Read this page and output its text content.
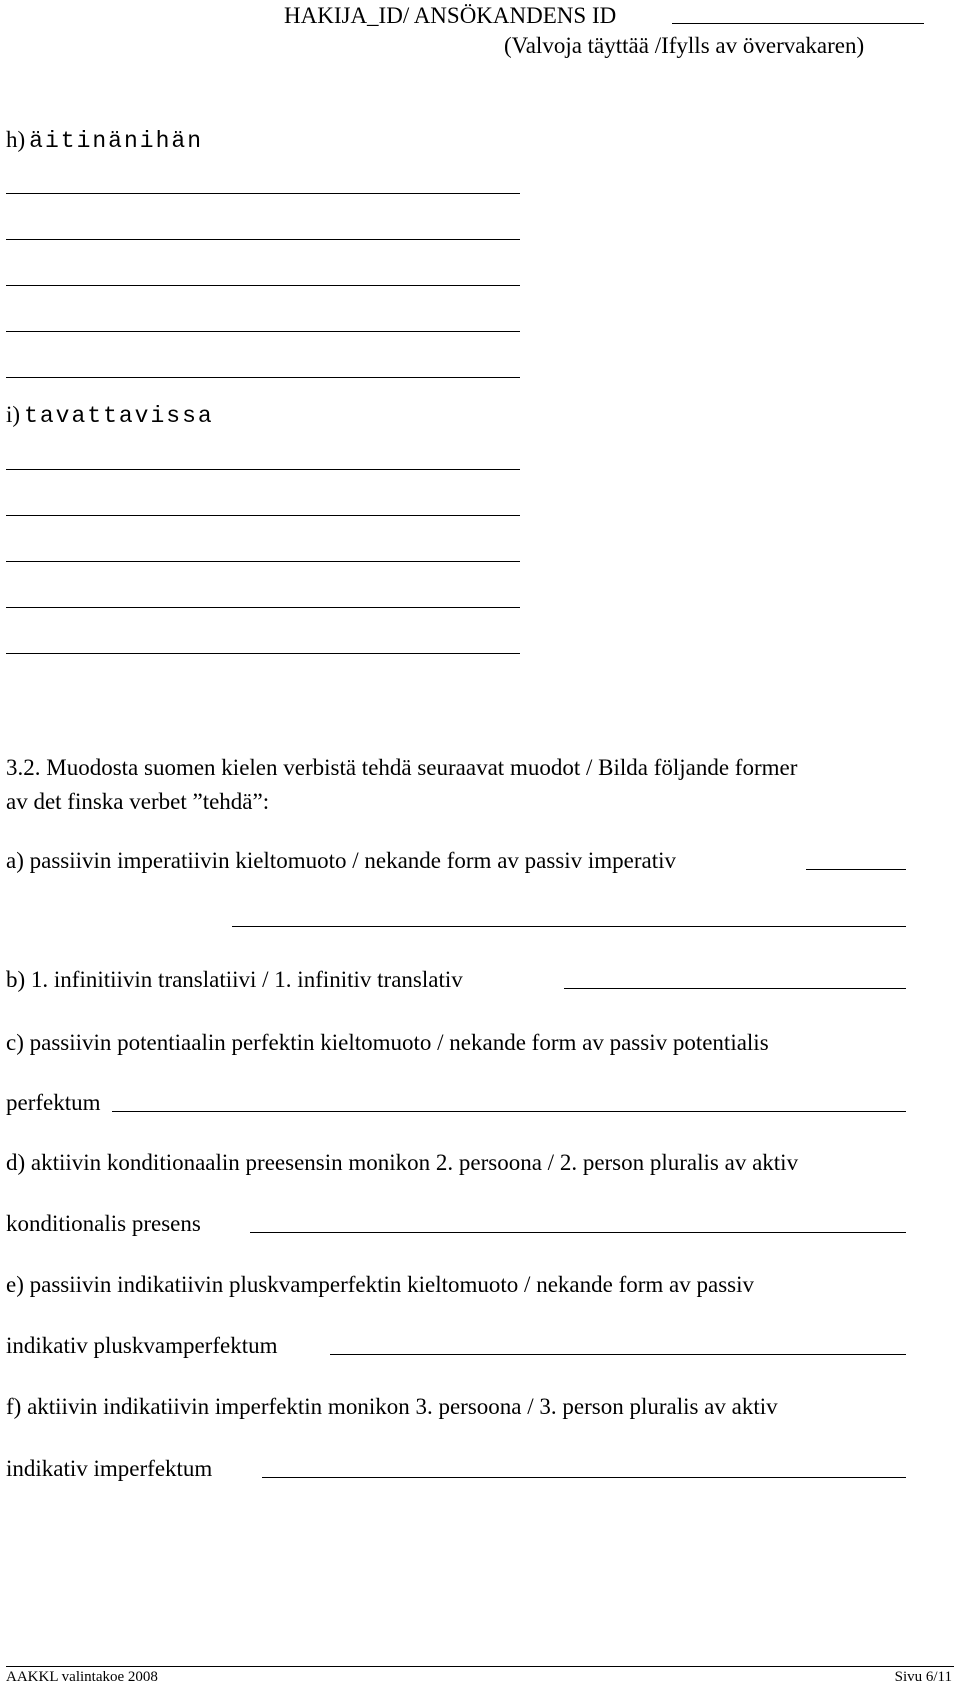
HAKIJA_ID/ ANSÖKANDENS ID
(Valvoja täyttää /Ifylls av övervakaren)
h) äitinänihän
i) tavattavissa
3.2. Muodosta suomen kielen verbistä tehdä seuraavat muodot / Bilda följande former
av det finska verbet ”tehdä”:
a) passiivin imperatiivin kieltomuoto / nekande form av passiv imperativ
b) 1. infinitiivin translatiivi / 1. infinitiv translativ
c) passiivin potentiaalin perfektin kieltomuoto / nekande form av passiv potentialis
perfektum
d) aktiivin konditionaalin preesensin monikon 2. persoona / 2. person pluralis av aktiv
konditionalis presens
e) passiivin indikatiivin pluskvamperfektin kieltomuoto / nekande form av passiv
indikativ pluskvamperfektum
f) aktiivin indikatiivin imperfektin monikon 3. persoona / 3. person pluralis av aktiv
indikativ imperfektum
AAKKL valintakoe 2008	Sivu 6/11
